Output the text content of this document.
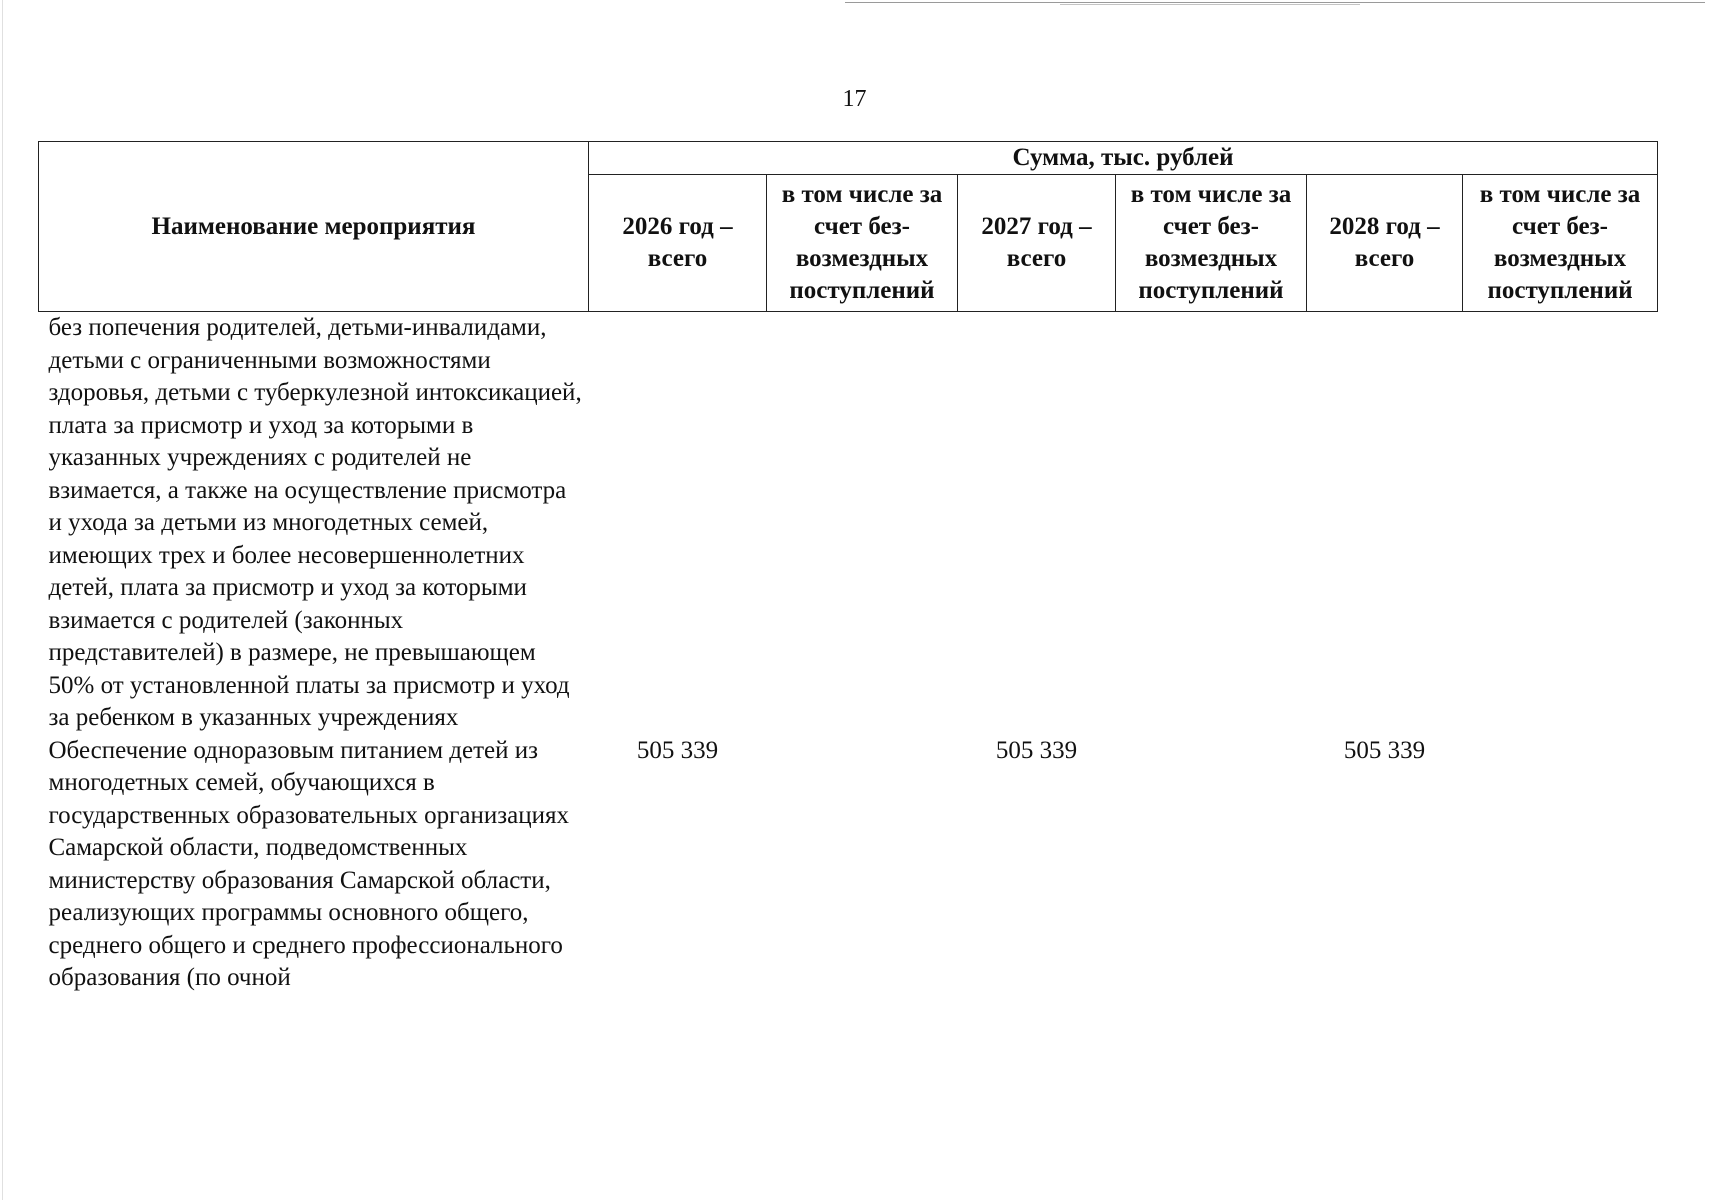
17
Наименование мероприятия	Сумма, тыс. рублей					
	2026 год – всего	в том числе за счет без-возмездных поступлений	2027 год – всего	в том числе за счет без-возмездных поступлений	2028 год – всего	в том числе за счет без-возмездных поступлений

без попечения родителей, детьми-инвалидами, детьми с ограниченными возможностями здоровья, детьми с туберкулезной интоксикацией, плата за присмотр и уход за которыми в указанных учреждениях с родителей не взимается, а также на осуществление присмотра и ухода за детьми из многодетных семей, имеющих трех и более несовершеннолетних детей, плата за присмотр и уход за которыми взимается с родителей (законных представителей) в размере, не превышающем 50% от установленной платы за присмотр и уход за ребенком в указанных учреждениях						

Обеспечение одноразовым питанием детей из многодетных семей, обучающихся в государственных образовательных организациях Самарской области, подведомственных министерству образования Самарской области, реализующих программы основного общего, среднего общего и среднего профессионального образования (по очной	505 339		505 339		505 339	
